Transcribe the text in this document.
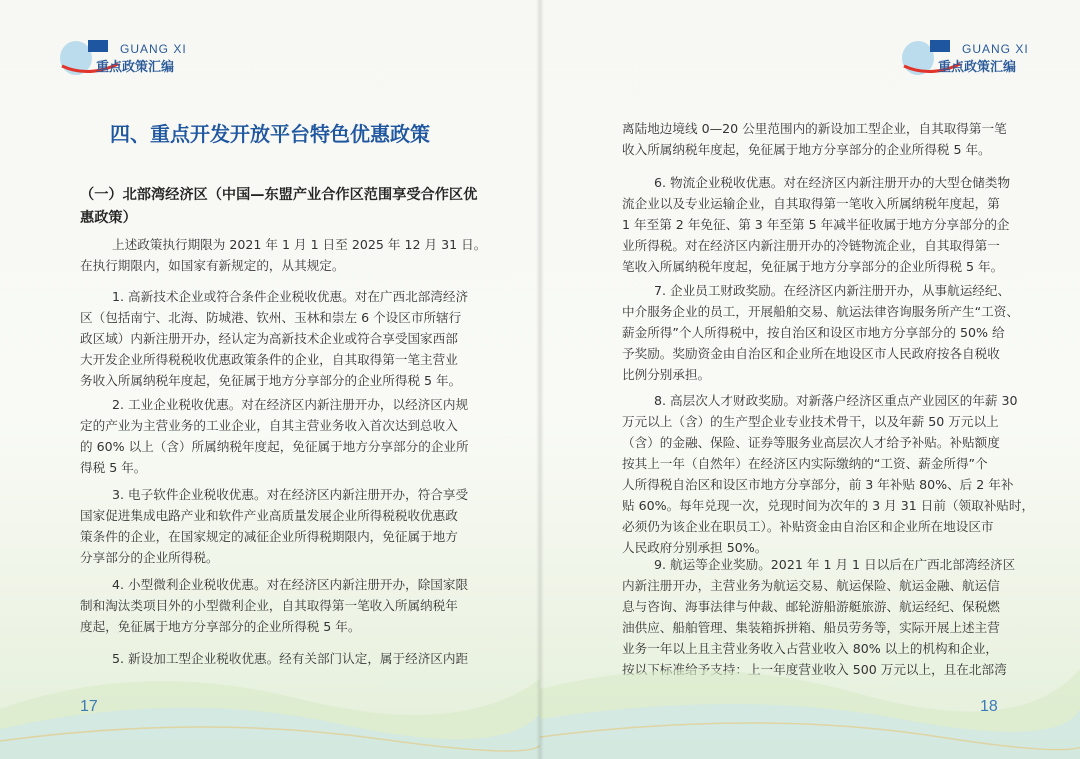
GUANG XI
重点政策汇编
四、重点开发开放平台特色优惠政策
（一）北部湾经济区（中国—东盟产业合作区范围享受合作区优惠政策）
上述政策执行期限为 2021 年 1 月 1 日至 2025 年 12 月 31 日。
在执行期限内，如国家有新规定的，从其规定。
1. 高新技术企业或符合条件企业税收优惠。对在广西北部湾经济
区（包括南宁、北海、防城港、钦州、玉林和崇左 6 个设区市所辖行
政区域）内新注册开办，经认定为高新技术企业或符合享受国家西部
大开发企业所得税税收优惠政策条件的企业，自其取得第一笔主营业
务收入所属纳税年度起，免征属于地方分享部分的企业所得税 5 年。
2. 工业企业税收优惠。对在经济区内新注册开办，以经济区内规
定的产业为主营业务的工业企业，自其主营业务收入首次达到总收入
的 60% 以上（含）所属纳税年度起，免征属于地方分享部分的企业所
得税 5 年。
3. 电子软件企业税收优惠。对在经济区内新注册开办，符合享受
国家促进集成电路产业和软件产业高质量发展企业所得税税收优惠政
策条件的企业，在国家规定的减征企业所得税期限内，免征属于地方
分享部分的企业所得税。
4. 小型微利企业税收优惠。对在经济区内新注册开办，除国家限
制和淘汰类项目外的小型微利企业，自其取得第一笔收入所属纳税年
度起，免征属于地方分享部分的企业所得税 5 年。
5. 新设加工型企业税收优惠。经有关部门认定，属于经济区内距
17
GUANG XI
重点政策汇编
离陆地边境线 0—20 公里范围内的新设加工型企业，自其取得第一笔
收入所属纳税年度起，免征属于地方分享部分的企业所得税 5 年。
6. 物流企业税收优惠。对在经济区内新注册开办的大型仓储类物
流企业以及专业运输企业，自其取得第一笔收入所属纳税年度起，第
1 年至第 2 年免征、第 3 年至第 5 年减半征收属于地方分享部分的企
业所得税。对在经济区内新注册开办的冷链物流企业，自其取得第一
笔收入所属纳税年度起，免征属于地方分享部分的企业所得税 5 年。
7. 企业员工财政奖励。在经济区内新注册开办，从事航运经纪、
中介服务企业的员工，开展船舶交易、航运法律咨询服务所产生“工资、
薪金所得”个人所得税中，按自治区和设区市地方分享部分的 50% 给
予奖励。奖励资金由自治区和企业所在地设区市人民政府按各自税收
比例分别承担。
8. 高层次人才财政奖励。对新落户经济区重点产业园区的年薪 30
万元以上（含）的生产型企业专业技术骨干，以及年薪 50 万元以上
（含）的金融、保险、证券等服务业高层次人才给予补贴。补贴额度
按其上一年（自然年）在经济区内实际缴纳的“工资、薪金所得”个
人所得税自治区和设区市地方分享部分，前 3 年补贴 80%、后 2 年补
贴 60%。每年兑现一次，兑现时间为次年的 3 月 31 日前（领取补贴时，
必须仍为该企业在职员工）。补贴资金由自治区和企业所在地设区市
人民政府分别承担 50%。
9. 航运等企业奖励。2021 年 1 月 1 日以后在广西北部湾经济区
内新注册开办，主营业务为航运交易、航运保险、航运金融、航运信
息与咨询、海事法律与仲裁、邮轮游船游艇旅游、航运经纪、保税燃
油供应、船舶管理、集装箱拆拼箱、船员劳务等，实际开展上述主营
业务一年以上且主营业务收入占营业收入 80% 以上的机构和企业，
按以下标准给予支持：上一年度营业收入 500 万元以上，且在北部湾
18
